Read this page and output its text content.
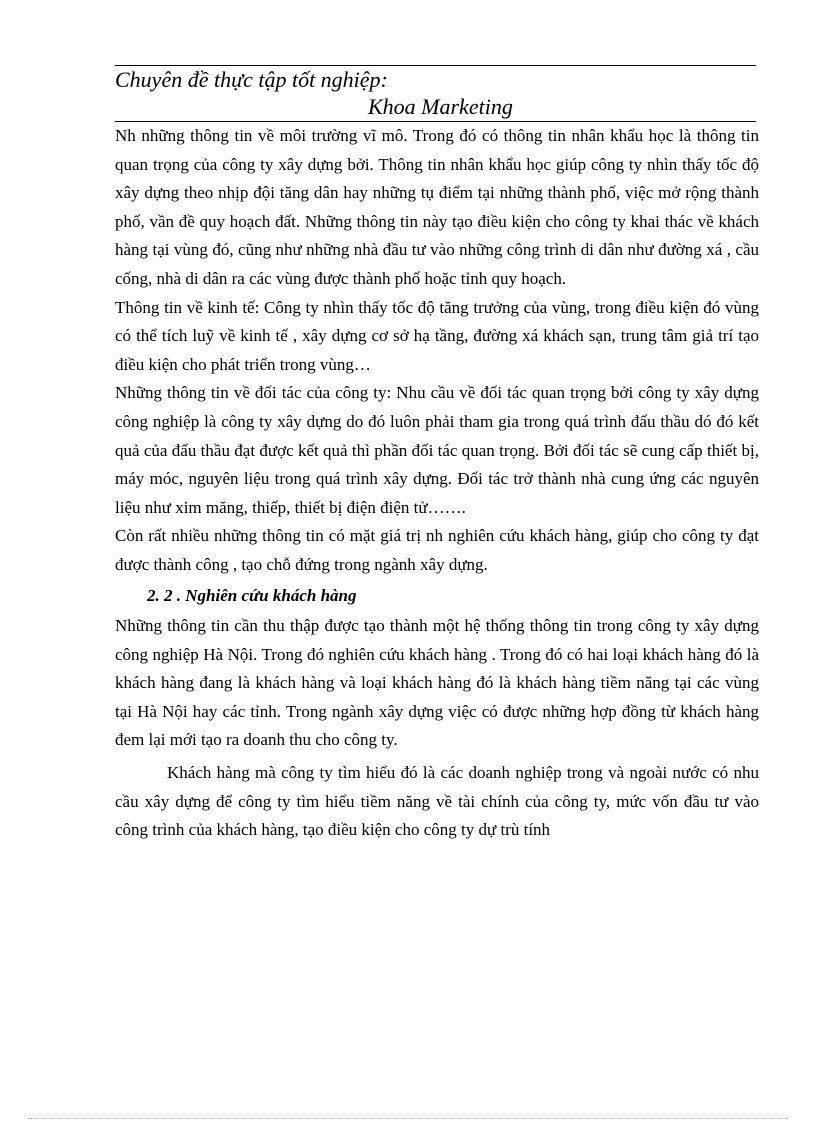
Chuyên đề thực tập tốt nghiệp:
Khoa Marketing

Nh những thông tin về môi trường vĩ mô. Trong đó có thông tin nhân khẩu học là thông tin quan trọng của công ty xây dựng bởi. Thông tin nhân khẩu học giúp công ty nhìn thấy tốc độ xây dựng theo nhịp đội tăng dân hay những tụ điểm tại những thành phố, việc mở rộng thành phố, vần đề quy hoạch đất. Những thông tin này tạo điều kiện cho công ty khai thác về khách hàng tại vùng đó, cũng như những nhà đầu tư vào những công trình di dân như đường xá , cầu cống, nhà di dân ra các vùng được thành phố hoặc tỉnh quy hoạch.

Thông tin về kinh tế: Công ty nhìn thấy tốc độ tăng trưởng của vùng, trong điều kiện đó vùng có thể tích luỹ về kinh tế , xây dựng cơ sở hạ tầng, đường xá khách sạn, trung tâm giả trí tạo điều kiện cho phát triển trong vùng…

Những thông tin về đối tác của công ty: Nhu cầu về đối tác quan trọng bởi công ty xây dựng công nghiệp là công ty xây dựng do đó luôn phải tham gia trong quá trình đấu thầu dó đó kết quả của đấu thầu đạt được kết quả thì phần đối tác quan trọng. Bởi đối tác sẽ cung cấp thiết bị, máy móc, nguyên liệu trong quá trình xây dựng. Đối tác trở thành nhà cung ứng các nguyên liệu như xim măng, thiếp, thiết bị điện điện tử…….

Còn rất nhiều những thông tin có mặt giá trị nh nghiên cứu khách hàng, giúp cho công ty đạt được thành công , tạo chỗ đứng trong ngành xây dựng.

2. 2 . Nghiên cứu khách hàng

Những thông tin cần thu thập được tạo thành một hệ thống thông tin trong công ty xây dựng công nghiệp Hà Nội. Trong đó nghiên cứu khách hàng . Trong đó có hai loại khách hàng đó là khách hàng đang là khách hàng và loại khách hàng đó là khách hàng tiềm năng tại các vùng tại Hà Nội hay các tỉnh. Trong ngành xây dựng việc có được những hợp đồng từ khách hàng đem lại mới tạo ra doanh thu cho công ty.

Khách hàng mà công ty tìm hiểu đó là các doanh nghiệp trong và ngoài nước có nhu cầu xây dựng để công ty tìm hiểu tiềm năng về tài chính của công ty, mức vốn đầu tư vào công trình của khách hàng, tạo điều kiện cho công ty dự trù tính
